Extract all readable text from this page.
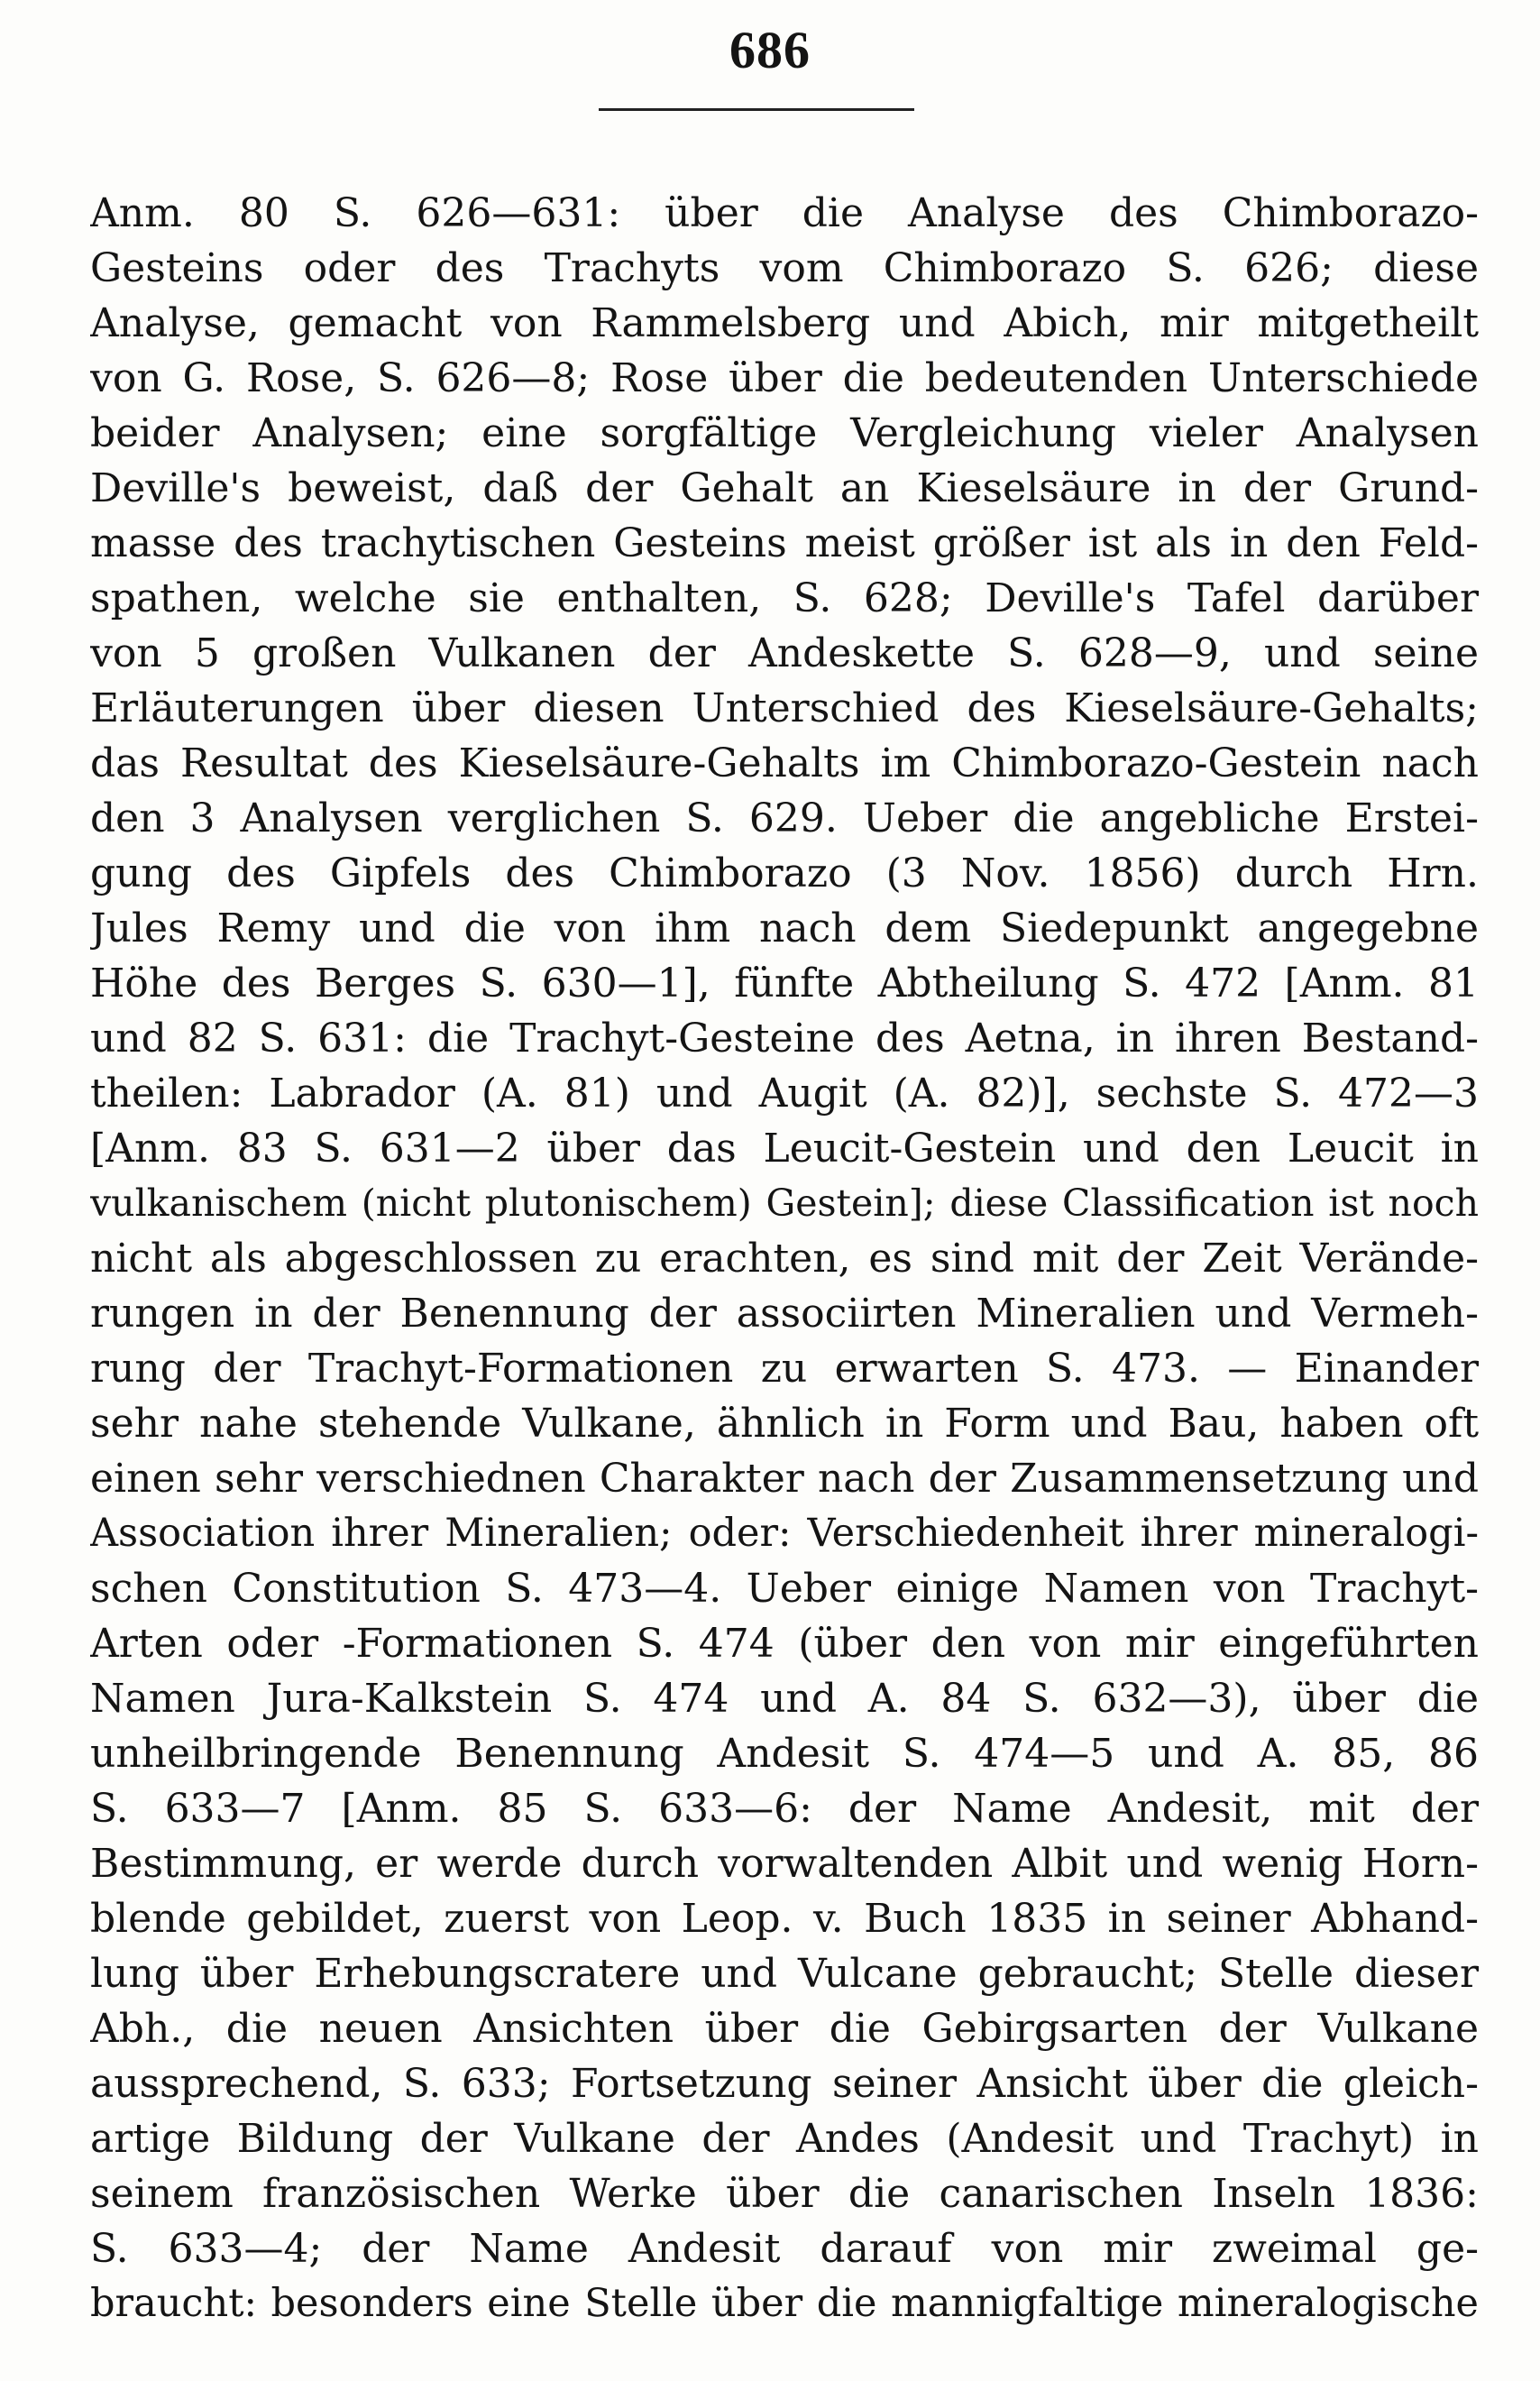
686
Anm. 80 S. 626—631: über die Analyse des Chimborazo-
Gesteins oder des Trachyts vom Chimborazo S. 626; diese
Analyse, gemacht von Rammelsberg und Abich, mir mitgetheilt
von G. Rose, S. 626—8; Rose über die bedeutenden Unterschiede
beider Analysen; eine sorgfältige Vergleichung vieler Analysen
Deville's beweist, daß der Gehalt an Kieselsäure in der Grund-
masse des trachytischen Gesteins meist größer ist als in den Feld-
spathen, welche sie enthalten, S. 628; Deville's Tafel darüber
von 5 großen Vulkanen der Andeskette S. 628—9, und seine
Erläuterungen über diesen Unterschied des Kieselsäure-Gehalts;
das Resultat des Kieselsäure-Gehalts im Chimborazo-Gestein nach
den 3 Analysen verglichen S. 629. Ueber die angebliche Erstei-
gung des Gipfels des Chimborazo (3 Nov. 1856) durch Hrn.
Jules Remy und die von ihm nach dem Siedepunkt angegebne
Höhe des Berges S. 630—1], fünfte Abtheilung S. 472 [Anm. 81
und 82 S. 631: die Trachyt-Gesteine des Aetna, in ihren Bestand-
theilen: Labrador (A. 81) und Augit (A. 82)], sechste S. 472—3
[Anm. 83 S. 631—2 über das Leucit-Gestein und den Leucit in
vulkanischem (nicht plutonischem) Gestein]; diese Classification ist noch
nicht als abgeschlossen zu erachten, es sind mit der Zeit Verände-
rungen in der Benennung der associirten Mineralien und Vermeh-
rung der Trachyt-Formationen zu erwarten S. 473. — Einander
sehr nahe stehende Vulkane, ähnlich in Form und Bau, haben oft
einen sehr verschiednen Charakter nach der Zusammensetzung und
Association ihrer Mineralien; oder: Verschiedenheit ihrer mineralogi-
schen Constitution S. 473—4. Ueber einige Namen von Trachyt-
Arten oder -Formationen S. 474 (über den von mir eingeführten
Namen Jura-Kalkstein S. 474 und A. 84 S. 632—3), über die
unheilbringende Benennung Andesit S. 474—5 und A. 85, 86
S. 633—7 [Anm. 85 S. 633—6: der Name Andesit, mit der
Bestimmung, er werde durch vorwaltenden Albit und wenig Horn-
blende gebildet, zuerst von Leop. v. Buch 1835 in seiner Abhand-
lung über Erhebungscratere und Vulcane gebraucht; Stelle dieser
Abh., die neuen Ansichten über die Gebirgsarten der Vulkane
aussprechend, S. 633; Fortsetzung seiner Ansicht über die gleich-
artige Bildung der Vulkane der Andes (Andesit und Trachyt) in
seinem französischen Werke über die canarischen Inseln 1836:
S. 633—4; der Name Andesit darauf von mir zweimal ge-
braucht: besonders eine Stelle über die mannigfaltige mineralogische
